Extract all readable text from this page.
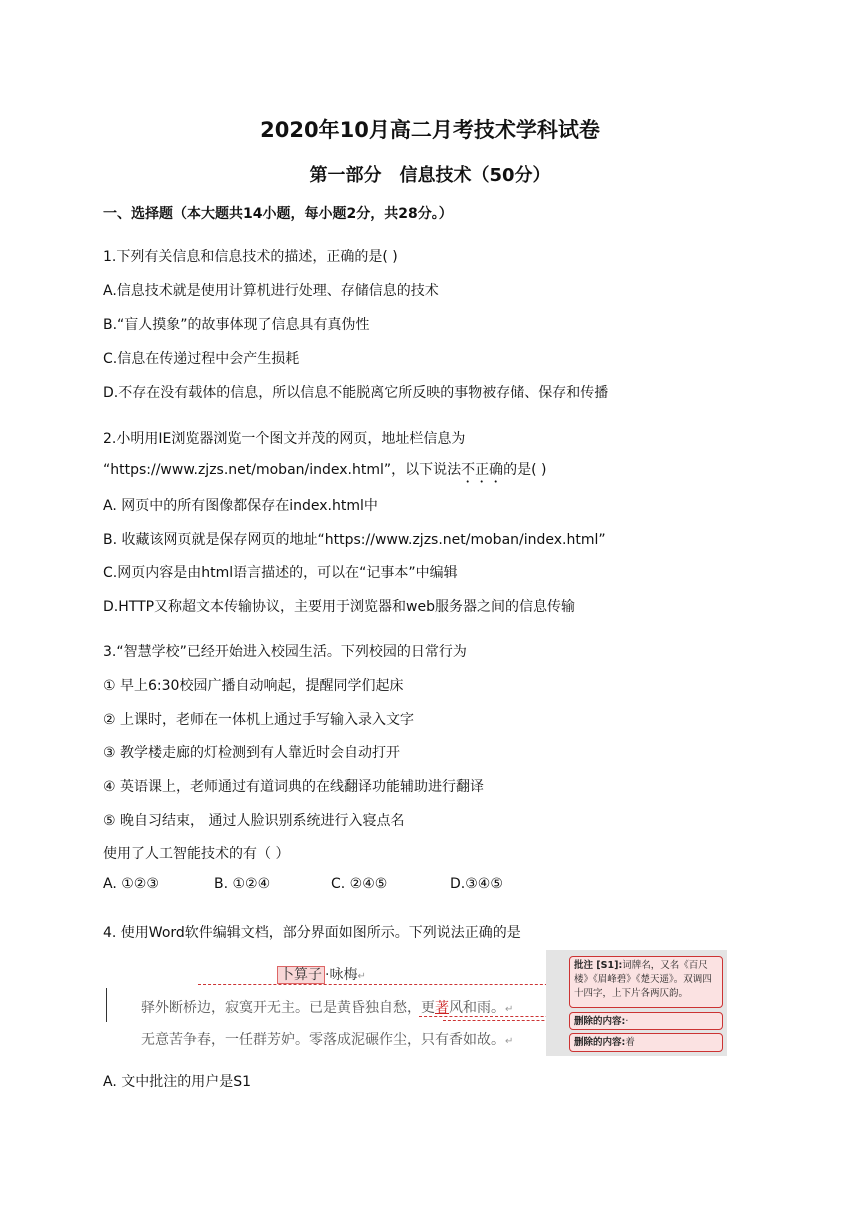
2020年10月高二月考技术学科试卷
第一部分　信息技术（50分）

一、选择题（本大题共14小题，每小题2分，共28分。）

1.下列有关信息和信息技术的描述，正确的是( )

A.信息技术就是使用计算机进行处理、存储信息的技术

B.“盲人摸象”的故事体现了信息具有真伪性

C.信息在传递过程中会产生损耗

D.不存在没有载体的信息，所以信息不能脱离它所反映的事物被存储、保存和传播

2.小明用IE浏览器浏览一个图文并茂的网页，地址栏信息为

“https://www.zjzs.net/moban/index.html”，以下说法不正确的是( )

A. 网页中的所有图像都保存在index.html中

B. 收藏该网页就是保存网页的地址“https://www.zjzs.net/moban/index.html”

C.网页内容是由html语言描述的，可以在“记事本”中编辑

D.HTTP又称超文本传输协议，主要用于浏览器和web服务器之间的信息传输

3.“智慧学校”已经开始进入校园生活。下列校园的日常行为

① 早上6:30校园广播自动响起，提醒同学们起床

② 上课时，老师在一体机上通过手写输入录入文字

③ 教学楼走廊的灯检测到有人靠近时会自动打开

④ 英语课上，老师通过有道词典的在线翻译功能辅助进行翻译

⑤ 晚自习结束， 通过人脸识别系统进行入寝点名

使用了人工智能技术的有（ ）

A. ①②③	B. ①②④	C. ②④⑤	D.③④⑤

4. 使用Word软件编辑文档，部分界面如图所示。下列说法正确的是

卜算子 ·咏梅↵
驿外断桥边，寂寞开无主。已是黄昏独自愁，更著风和雨。↵
无意苦争春，一任群芳妒。零落成泥碾作尘，只有香如故。↵
批注 [S1]:词牌名，又名《百尺楼》《眉峰碧》《楚天遥》。双调四十四字，上下片各两仄韵。
删除的内容:·
删除的内容:着

A. 文中批注的用户是S1
